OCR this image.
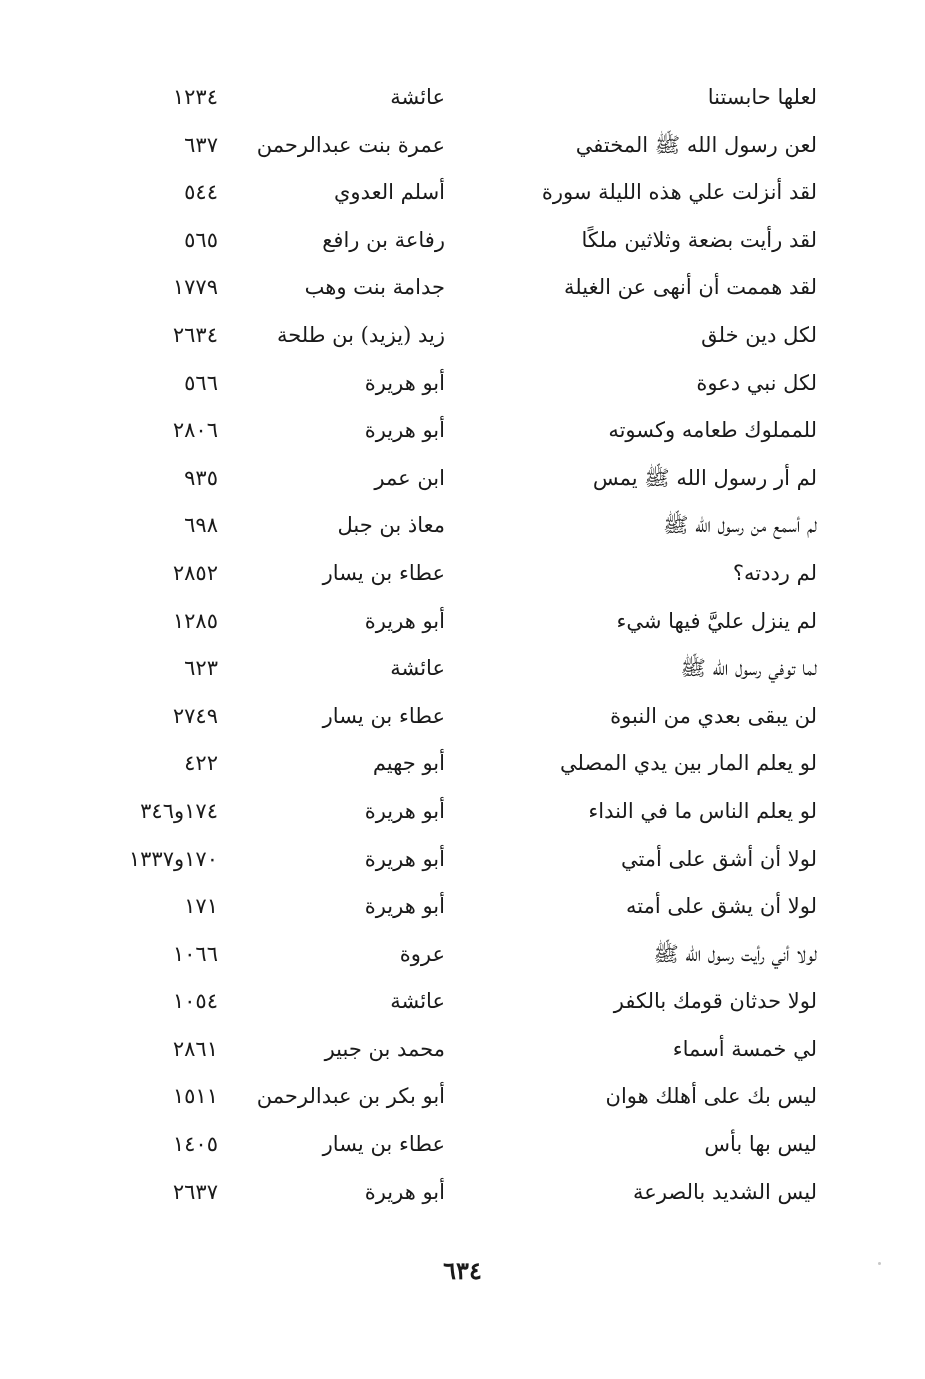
لعلها حابستنا
عائشة
١٢٣٤
لعن رسول الله ﷺ المختفي
عمرة بنت عبدالرحمن
٦٣٧
لقد أنزلت علي هذه الليلة سورة
أسلم العدوي
٥٤٤
لقد رأيت بضعة وثلاثين ملكًا
رفاعة بن رافع
٥٦٥
لقد هممت أن أنهى عن الغيلة
جدامة بنت وهب
١٧٧٩
لكل دين خلق
زيد (يزيد) بن طلحة
٢٦٣٤
لكل نبي دعوة
أبو هريرة
٥٦٦
للمملوك طعامه وكسوته
أبو هريرة
٢٨٠٦
لم أر رسول الله ﷺ يمس
ابن عمر
٩٣٥
لم أسمع من رسول الله ﷺ
معاذ بن جبل
٦٩٨
لم رددته؟
عطاء بن يسار
٢٨٥٢
لم ينزل عليَّ فيها شيء
أبو هريرة
١٢٨٥
لما توفي رسول الله ﷺ
عائشة
٦٢٣
لن يبقى بعدي من النبوة
عطاء بن يسار
٢٧٤٩
لو يعلم المار بين يدي المصلي
أبو جهيم
٤٢٢
لو يعلم الناس ما في النداء
أبو هريرة
١٧٤و٣٤٦
لولا أن أشق على أمتي
أبو هريرة
١٧٠و١٣٣٧
لولا أن يشق على أمته
أبو هريرة
١٧١
لولا أني رأيت رسول الله ﷺ
عروة
١٠٦٦
لولا حدثان قومك بالكفر
عائشة
١٠٥٤
لي خمسة أسماء
محمد بن جبير
٢٨٦١
ليس بك على أهلك هوان
أبو بكر بن عبدالرحمن
١٥١١
ليس بها بأس
عطاء بن يسار
١٤٠٥
ليس الشديد بالصرعة
أبو هريرة
٢٦٣٧
٦٣٤
